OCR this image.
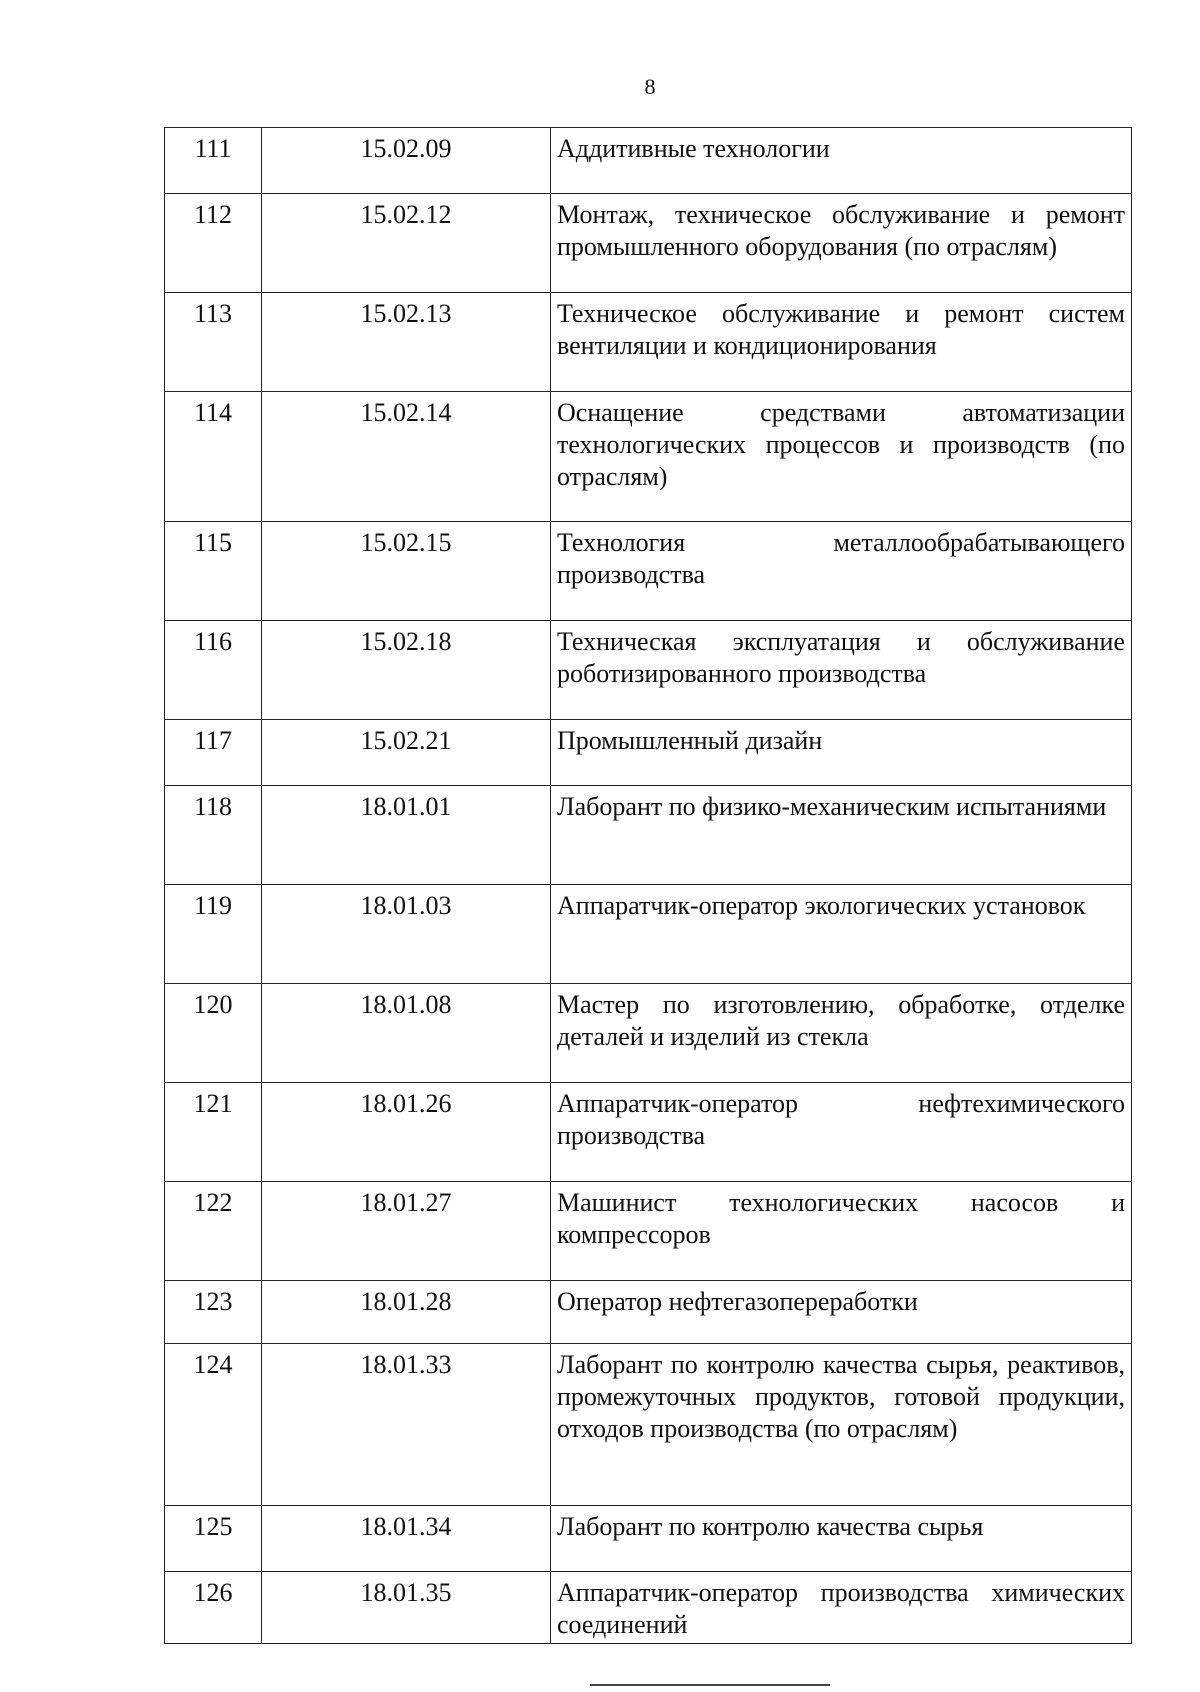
8
111	15.02.09	Аддитивные технологии
112	15.02.12	Монтаж, техническое обслуживание и ремонт промышленного оборудования (по отраслям)
113	15.02.13	Техническое обслуживание и ремонт систем вентиляции и кондиционирования
114	15.02.14	Оснащение средствами автоматизации технологических процессов и производств (по отраслям)
115	15.02.15	Технология металлообрабатывающего производства
116	15.02.18	Техническая эксплуатация и обслуживание роботизированного производства
117	15.02.21	Промышленный дизайн
118	18.01.01	Лаборант по физико-механическим испытаниями
119	18.01.03	Аппаратчик-оператор экологических установок
120	18.01.08	Мастер по изготовлению, обработке, отделке деталей и изделий из стекла
121	18.01.26	Аппаратчик-оператор нефтехимического производства
122	18.01.27	Машинист технологических насосов и компрессоров
123	18.01.28	Оператор нефтегазопереработки
124	18.01.33	Лаборант по контролю качества сырья, реактивов, промежуточных продуктов, готовой продукции, отходов производства (по отраслям)
125	18.01.34	Лаборант по контролю качества сырья
126	18.01.35	Аппаратчик-оператор производства химических соединений
